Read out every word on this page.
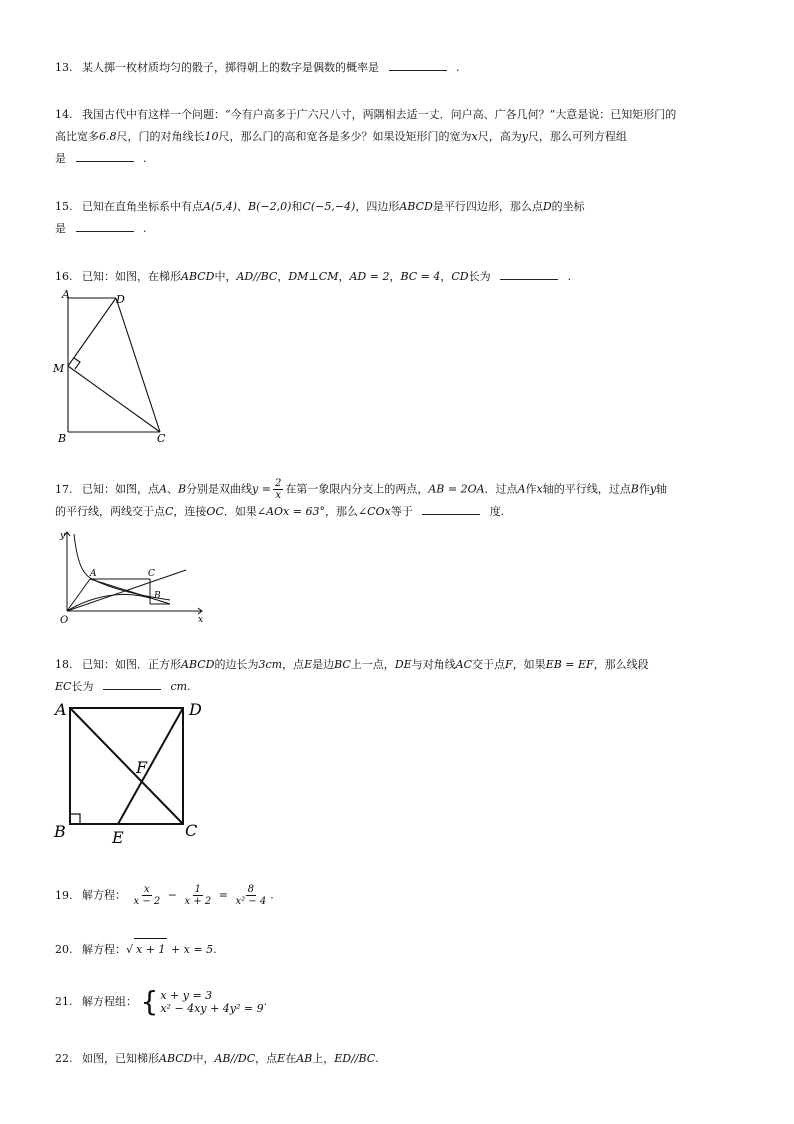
13. 某人掷一枚材质均匀的骰子，掷得朝上的数字是偶数的概率是	.
14. 我国古代中有这样一个问题：“今有户高多于广六尺八寸，两隅相去适一丈．问户高、广各几何？”大意是说：已知矩形门的
高比宽多6.8尺，门的对角线长10尺，那么门的高和宽各是多少？如果设矩形门的宽为x尺，高为y尺，那么可列方程组
是	.
15. 已知在直角坐标系中有点A(5,4)、B(−2,0)和C(−5,−4)，四边形ABCD是平行四边形，那么点D的坐标
是	.
16. 已知：如图，在梯形ABCD中，AD//BC，DM⊥CM，AD = 2，BC = 4，CD长为	.
A	D
M
B	C
17. 已知：如图，点A、B分别是双曲线$y = \frac{2}{x}$ 在第一象限内分支上的两点，AB = 2OA．过点A作x轴的平行线，过点B作y轴
的平行线，两线交于点C，连接OC．如果∠AOx = 63°，那么∠COx等于	度.
y
x
O
A	C
B
18. 已知：如图．正方形ABCD的边长为3cm，点E是边BC上一点，DE与对角线AC交于点F，如果EB = EF，那么线段
EC长为	cm.
A	D
F
B	E	C
19. 解方程： $\frac{x}{x - 2} - \frac{1}{x + 2} = \frac{8}{\text{x² − 4}}$ .
20. 解方程：√ x + 1 + x = 5.
21. 解方程组： { x + y = 3
x² − 4xy + 4y² = 9
.
22. 如图，已知梯形ABCD中，AB//DC，点E在AB上，ED//BC.
